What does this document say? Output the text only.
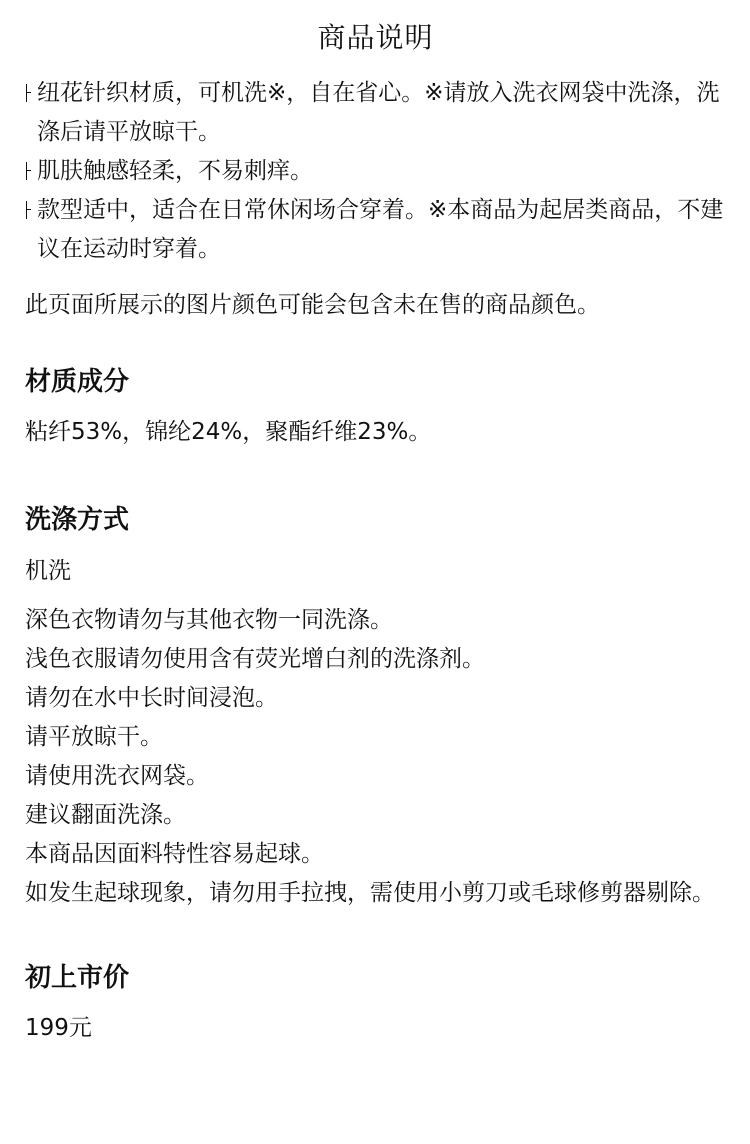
商品说明
纽花针织材质，可机洗※，自在省心。※请放入洗衣网袋中洗涤，洗涤后请平放晾干。
肌肤触感轻柔，不易刺痒。
款型适中，适合在日常休闲场合穿着。※本商品为起居类商品，不建议在运动时穿着。
此页面所展示的图片颜色可能会包含未在售的商品颜色。
材质成分
粘纤53%，锦纶24%，聚酯纤维23%。
洗涤方式
机洗
深色衣物请勿与其他衣物一同洗涤。
浅色衣服请勿使用含有荧光增白剂的洗涤剂。
请勿在水中长时间浸泡。
请平放晾干。
请使用洗衣网袋。
建议翻面洗涤。
本商品因面料特性容易起球。
如发生起球现象，请勿用手拉拽，需使用小剪刀或毛球修剪器剔除。
初上市价
199元
